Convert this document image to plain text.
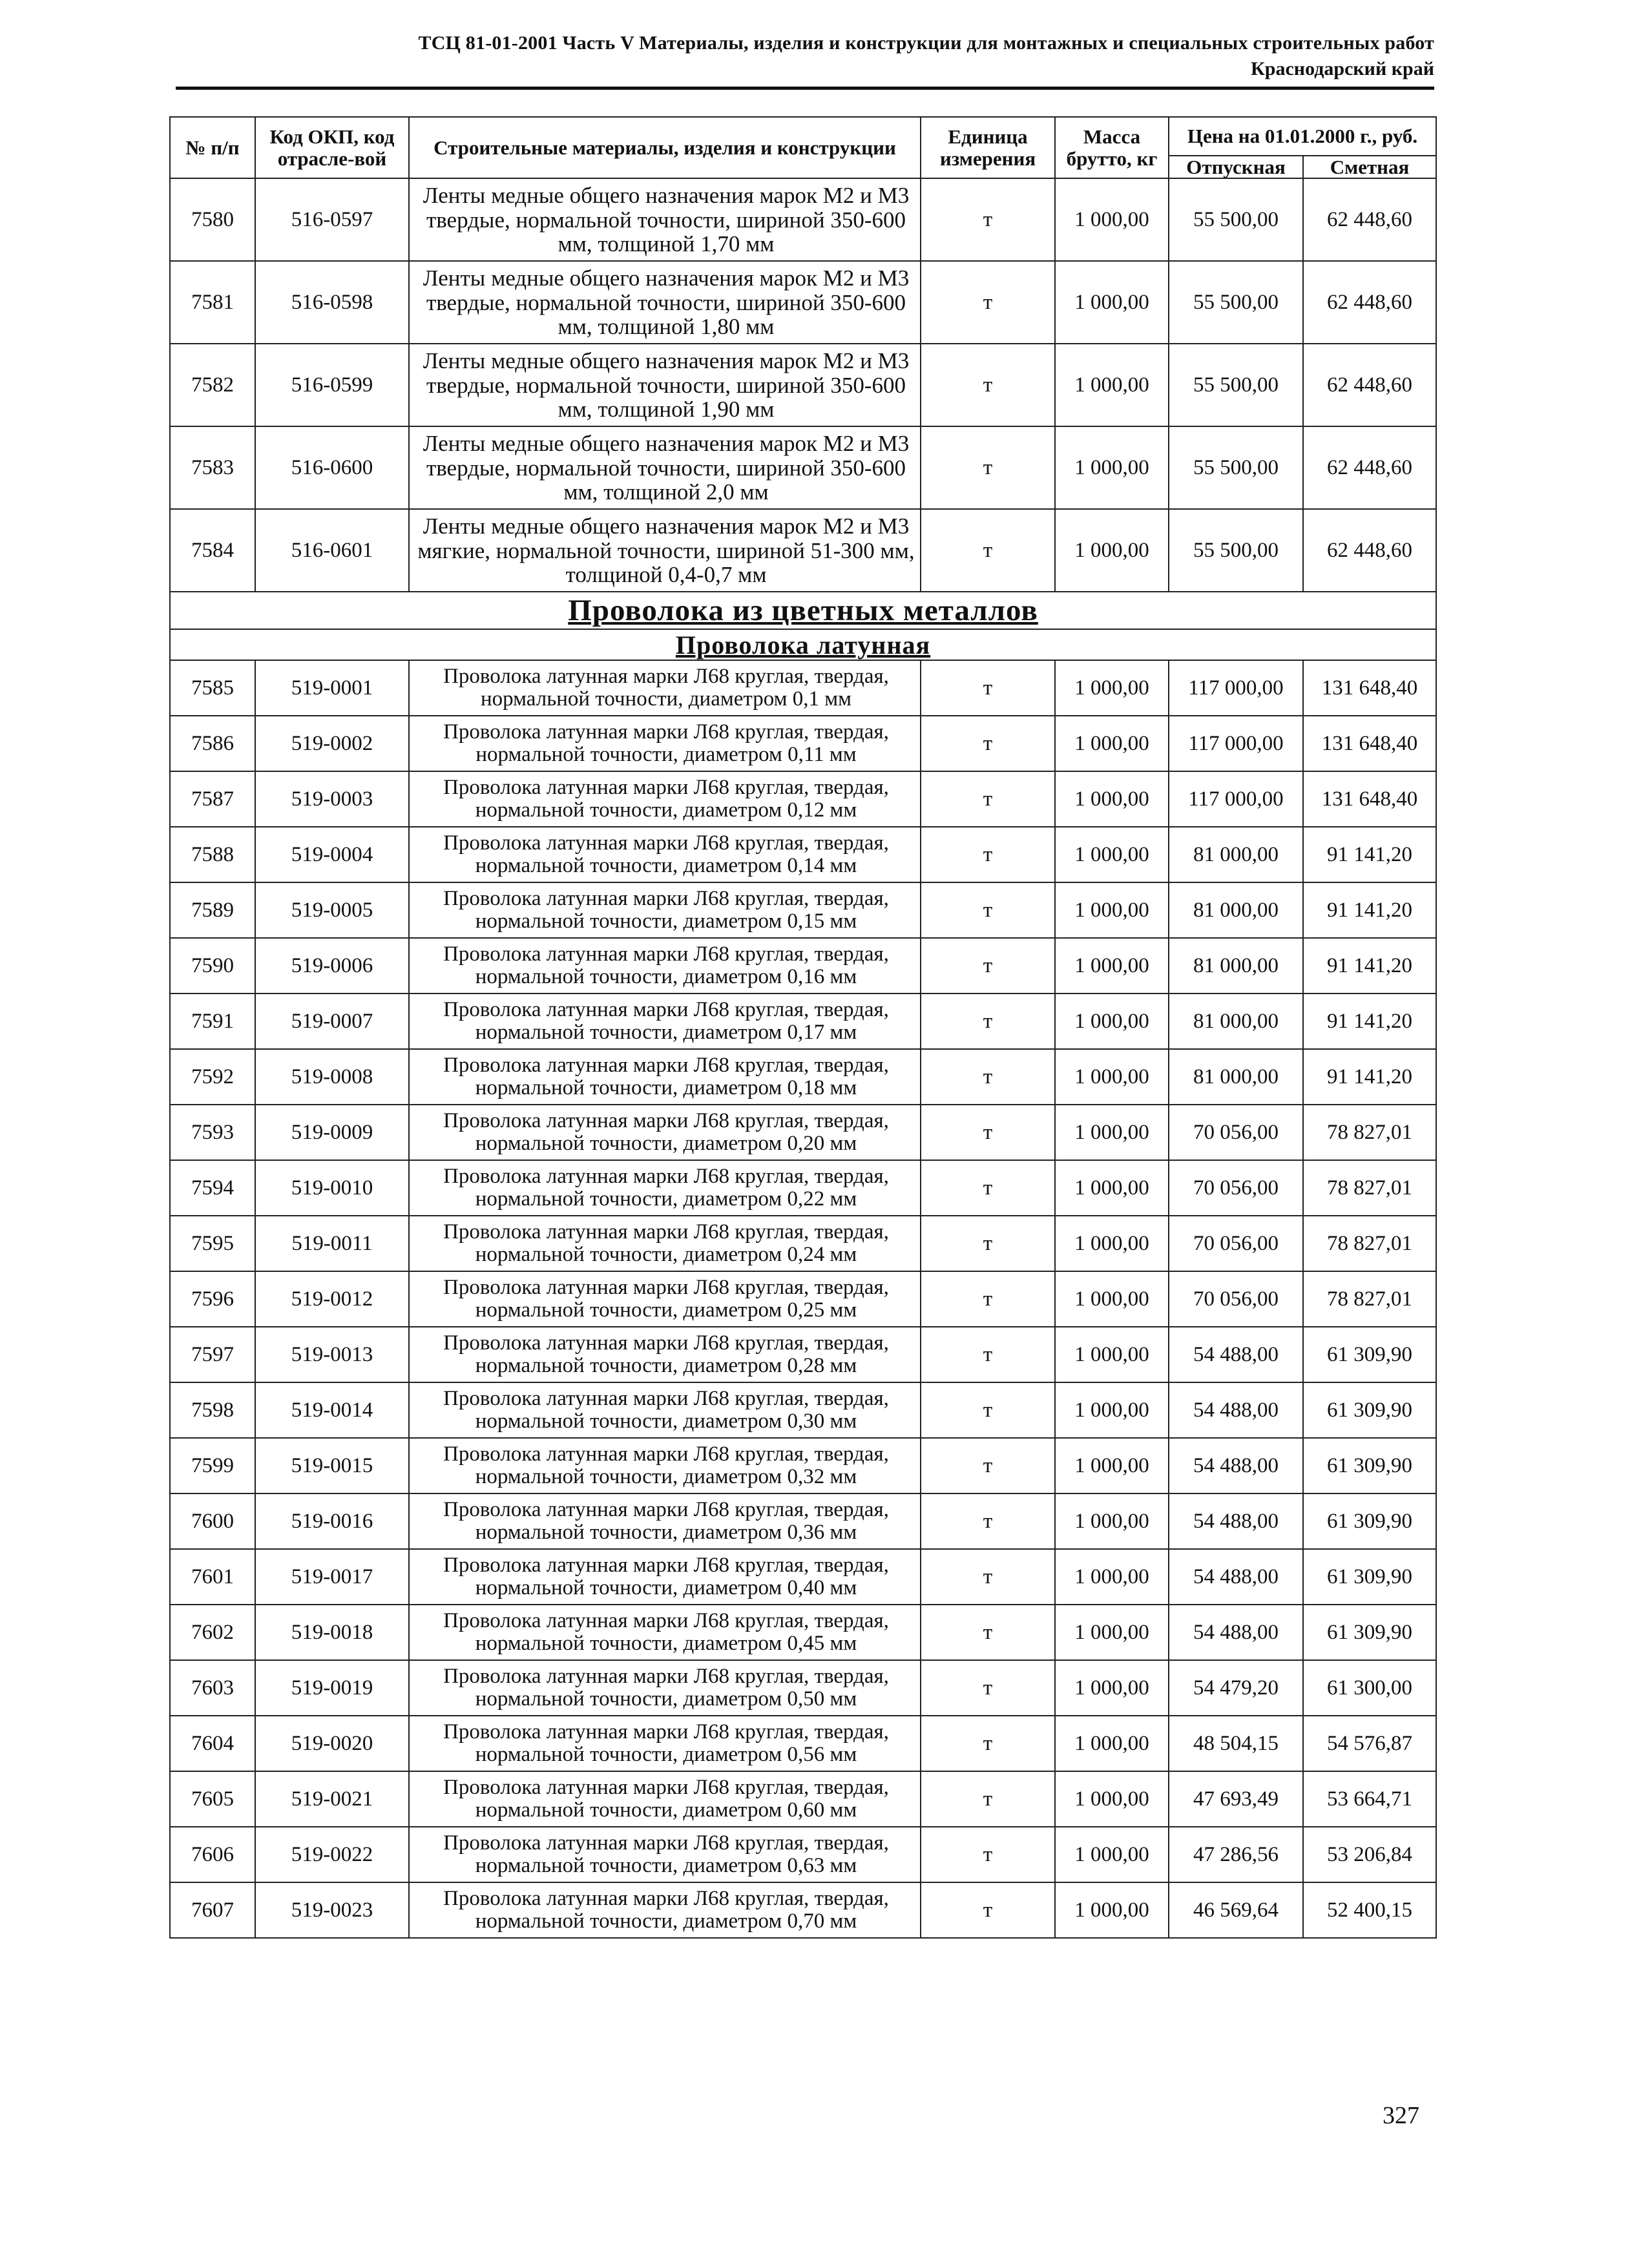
ТСЦ 81-01-2001 Часть V Материалы, изделия и конструкции для монтажных и специальных строительных работ
Краснодарский край
№ п/п	Код ОКП, код отрасле-вой	Строительные материалы, изделия и конструкции	Единица измерения	Масса брутто, кг	Цена на 01.01.2000 г., руб.	
					Отпускная	Сметная
7580	516-0597	Ленты медные общего назначения марок М2 и М3 твердые, нормальной точности, шириной 350-600 мм, толщиной 1,70 мм	т	1 000,00	55 500,00	62 448,60
7581	516-0598	Ленты медные общего назначения марок М2 и М3 твердые, нормальной точности, шириной 350-600 мм, толщиной 1,80 мм	т	1 000,00	55 500,00	62 448,60
7582	516-0599	Ленты медные общего назначения марок М2 и М3 твердые, нормальной точности, шириной 350-600 мм, толщиной 1,90 мм	т	1 000,00	55 500,00	62 448,60
7583	516-0600	Ленты медные общего назначения марок М2 и М3 твердые, нормальной точности, шириной 350-600 мм, толщиной 2,0 мм	т	1 000,00	55 500,00	62 448,60
7584	516-0601	Ленты медные общего назначения марок М2 и М3 мягкие, нормальной точности, шириной 51-300 мм, толщиной 0,4-0,7 мм	т	1 000,00	55 500,00	62 448,60
Проволока из цветных металлов						
Проволока латунная						
7585	519-0001	Проволока латунная марки Л68 круглая, твердая, нормальной точности, диаметром 0,1 мм	т	1 000,00	117 000,00	131 648,40
7586	519-0002	Проволока латунная марки Л68 круглая, твердая, нормальной точности, диаметром 0,11 мм	т	1 000,00	117 000,00	131 648,40
7587	519-0003	Проволока латунная марки Л68 круглая, твердая, нормальной точности, диаметром 0,12 мм	т	1 000,00	117 000,00	131 648,40
7588	519-0004	Проволока латунная марки Л68 круглая, твердая, нормальной точности, диаметром 0,14 мм	т	1 000,00	81 000,00	91 141,20
7589	519-0005	Проволока латунная марки Л68 круглая, твердая, нормальной точности, диаметром 0,15 мм	т	1 000,00	81 000,00	91 141,20
7590	519-0006	Проволока латунная марки Л68 круглая, твердая, нормальной точности, диаметром 0,16 мм	т	1 000,00	81 000,00	91 141,20
7591	519-0007	Проволока латунная марки Л68 круглая, твердая, нормальной точности, диаметром 0,17 мм	т	1 000,00	81 000,00	91 141,20
7592	519-0008	Проволока латунная марки Л68 круглая, твердая, нормальной точности, диаметром 0,18 мм	т	1 000,00	81 000,00	91 141,20
7593	519-0009	Проволока латунная марки Л68 круглая, твердая, нормальной точности, диаметром 0,20 мм	т	1 000,00	70 056,00	78 827,01
7594	519-0010	Проволока латунная марки Л68 круглая, твердая, нормальной точности, диаметром 0,22 мм	т	1 000,00	70 056,00	78 827,01
7595	519-0011	Проволока латунная марки Л68 круглая, твердая, нормальной точности, диаметром 0,24 мм	т	1 000,00	70 056,00	78 827,01
7596	519-0012	Проволока латунная марки Л68 круглая, твердая, нормальной точности, диаметром 0,25 мм	т	1 000,00	70 056,00	78 827,01
7597	519-0013	Проволока латунная марки Л68 круглая, твердая, нормальной точности, диаметром 0,28 мм	т	1 000,00	54 488,00	61 309,90
7598	519-0014	Проволока латунная марки Л68 круглая, твердая, нормальной точности, диаметром 0,30 мм	т	1 000,00	54 488,00	61 309,90
7599	519-0015	Проволока латунная марки Л68 круглая, твердая, нормальной точности, диаметром 0,32 мм	т	1 000,00	54 488,00	61 309,90
7600	519-0016	Проволока латунная марки Л68 круглая, твердая, нормальной точности, диаметром 0,36 мм	т	1 000,00	54 488,00	61 309,90
7601	519-0017	Проволока латунная марки Л68 круглая, твердая, нормальной точности, диаметром 0,40 мм	т	1 000,00	54 488,00	61 309,90
7602	519-0018	Проволока латунная марки Л68 круглая, твердая, нормальной точности, диаметром 0,45 мм	т	1 000,00	54 488,00	61 309,90
7603	519-0019	Проволока латунная марки Л68 круглая, твердая, нормальной точности, диаметром 0,50 мм	т	1 000,00	54 479,20	61 300,00
7604	519-0020	Проволока латунная марки Л68 круглая, твердая, нормальной точности, диаметром 0,56 мм	т	1 000,00	48 504,15	54 576,87
7605	519-0021	Проволока латунная марки Л68 круглая, твердая, нормальной точности, диаметром 0,60 мм	т	1 000,00	47 693,49	53 664,71
7606	519-0022	Проволока латунная марки Л68 круглая, твердая, нормальной точности, диаметром 0,63 мм	т	1 000,00	47 286,56	53 206,84
7607	519-0023	Проволока латунная марки Л68 круглая, твердая, нормальной точности, диаметром 0,70 мм	т	1 000,00	46 569,64	52 400,15
327
